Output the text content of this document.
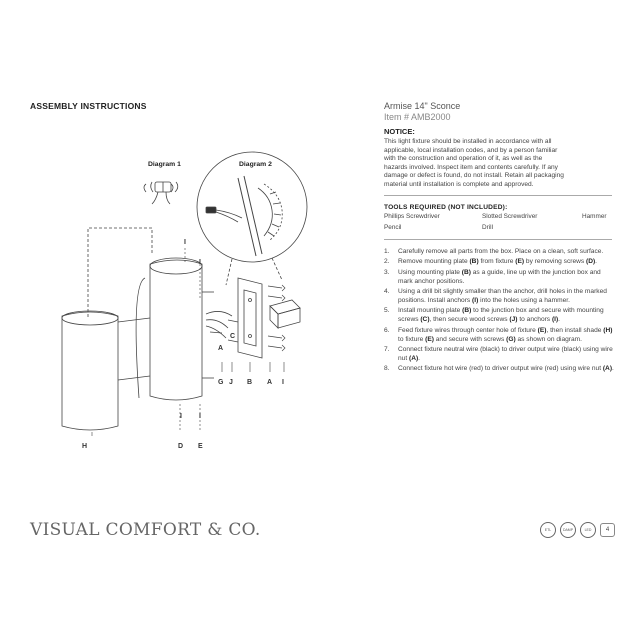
ASSEMBLY INSTRUCTIONS	Armise 14" Sconce
Item # AMB2000
NOTICE:
This light fixture should be installed in accordance with all
applicable, local installation codes, and by a person familiar
with the construction and operation of it, as well as the
hazards involved. Inspect item and contents carefully. If any
damage or defect is found, do not install. Retain all packaging
material until installation is complete and approved.
TOOLS REQUIRED (NOT INCLUDED):
Phillips Screwdriver	Slotted Screwdriver	Hammer
Pencil	Drill
1. Carefully remove all parts from the box. Place on a clean, soft surface.
2. Remove mounting plate (B) from fixture (E) by removing screws (D).
3. Using mounting plate (B) as a guide, line up with the junction box and mark anchor positions.
4. Using a drill bit slightly smaller than the anchor, drill holes in the marked positions. Install anchors (I) into the holes using a hammer.
5. Install mounting plate (B) to the junction box and secure with mounting screws (C), then secure wood screws (J) to anchors (I).
6. Feed fixture wires through center hole of fixture (E), then install shade (H) to fixture (E) and secure with screws (G) as shown on diagram.
7. Connect fixture neutral wire (black) to driver output wire (black) using wire nut (A).
8. Connect fixture hot wire (red) to driver output wire (red) using wire nut (A).
Diagram 1	Diagram 2
I
I
C
A
G J B A I
I I
H	D E
VISUAL COMFORT & CO.	ETL	DAMP	LED	4
